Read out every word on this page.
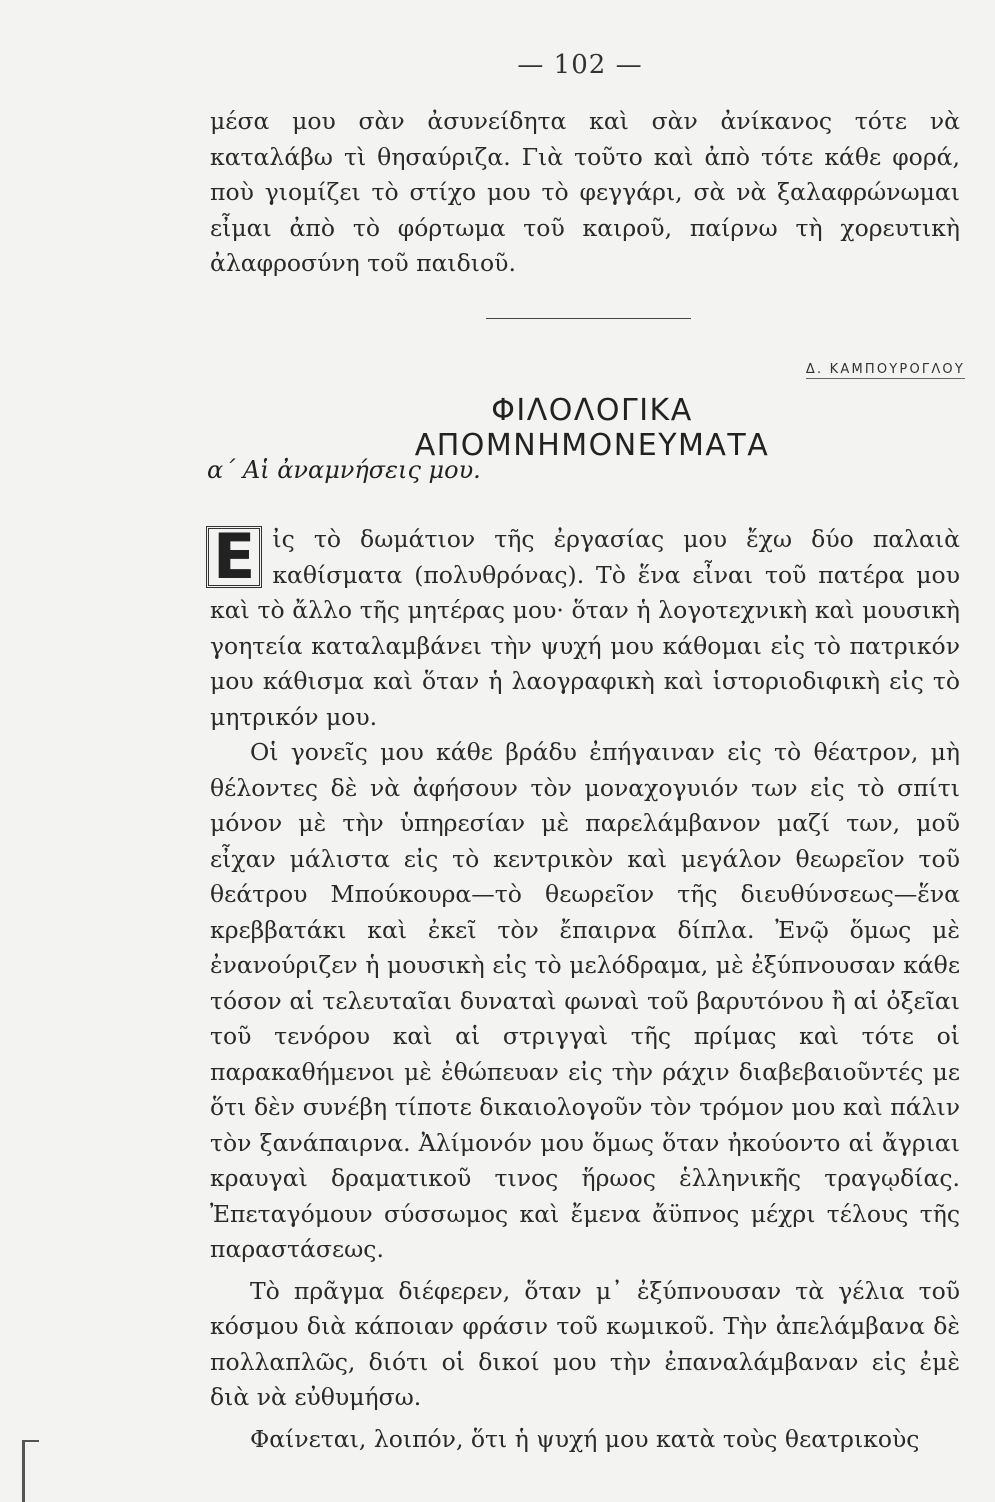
— 102 —

μέσα μου σὰν ἀσυνείδητα καὶ σὰν ἀνίκανος τότε νὰ καταλάβω τὶ θησαύριζα. Γιὰ τοῦτο καὶ ἀπὸ τότε κάθε φορά, ποὺ γιομίζει τὸ στίχο μου τὸ φεγγάρι, σὰ νὰ ξαλαφρώνωμαι εἶμαι ἀπὸ τὸ φόρτωμα τοῦ καιροῦ, παίρνω τὴ χορευτικὴ ἀλαφροσύνη τοῦ παιδιοῦ.

Δ. ΚΑΜΠΟΥΡΟΓΛΟΥ
ΦΙΛΟΛΟΓΙΚΑ ΑΠΟΜΝΗΜΟΝΕΥΜΑΤΑ
α΄ Αἱ ἀναμνήσεις μου.

Ε ἰς τὸ δωμάτιον τῆς ἐργασίας μου ἔχω δύο παλαιὰ καθίσματα (πολυθρόνας). Τὸ ἕνα εἶναι τοῦ πατέρα μου καὶ τὸ ἄλλο τῆς μητέρας μου· ὅταν ἡ λογοτεχνικὴ καὶ μουσικὴ γοητεία καταλαμβάνει τὴν ψυχή μου κάθομαι εἰς τὸ πατρικόν μου κάθισμα καὶ ὅταν ἡ λαογραφικὴ καὶ ἱστοριοδιφικὴ εἰς τὸ μητρικόν μου.

Οἱ γονεῖς μου κάθε βράδυ ἐπήγαιναν εἰς τὸ θέατρον, μὴ θέλοντες δὲ νὰ ἀφήσουν τὸν μοναχογυιόν των εἰς τὸ σπίτι μόνον μὲ τὴν ὑπηρεσίαν μὲ παρελάμβανον μαζί των, μοῦ εἶχαν μάλιστα εἰς τὸ κεντρικὸν καὶ μεγάλον θεωρεῖον τοῦ θεάτρου Μπούκουρα—τὸ θεωρεῖον τῆς διευθύνσεως—ἕνα κρεββατάκι καὶ ἐκεῖ τὸν ἔπαιρνα δίπλα. Ἐνῷ ὅμως μὲ ἐνανούριζεν ἡ μουσικὴ εἰς τὸ μελόδραμα, μὲ ἐξύπνουσαν κάθε τόσον αἱ τελευταῖαι δυναταὶ φωναὶ τοῦ βαρυτόνου ἢ αἱ ὀξεῖαι τοῦ τενόρου καὶ αἱ στριγγαὶ τῆς πρίμας καὶ τότε οἱ παρακαθήμενοι μὲ ἐθώπευαν εἰς τὴν ράχιν διαβεβαιοῦντές με ὅτι δὲν συνέβη τίποτε δικαιολογοῦν τὸν τρόμον μου καὶ πάλιν τὸν ξανάπαιρνα. Ἀλίμονόν μου ὅμως ὅταν ἠκούοντο αἱ ἄγριαι κραυγαὶ δραματικοῦ τινος ἥρωος ἑλληνικῆς τραγῳδίας. Ἐπεταγόμουν σύσσωμος καὶ ἔμενα ἄϋπνος μέχρι τέλους τῆς παραστάσεως.

Τὸ πρᾶγμα διέφερεν, ὅταν μ᾿ ἐξύπνουσαν τὰ γέλια τοῦ κόσμου διὰ κάποιαν φράσιν τοῦ κωμικοῦ. Τὴν ἀπελάμβανα δὲ πολλαπλῶς, διότι οἱ δικοί μου τὴν ἐπαναλάμβαναν εἰς ἐμὲ διὰ νὰ εὐθυμήσω.

Φαίνεται, λοιπόν, ὅτι ἡ ψυχή μου κατὰ τοὺς θεατρικοὺς
